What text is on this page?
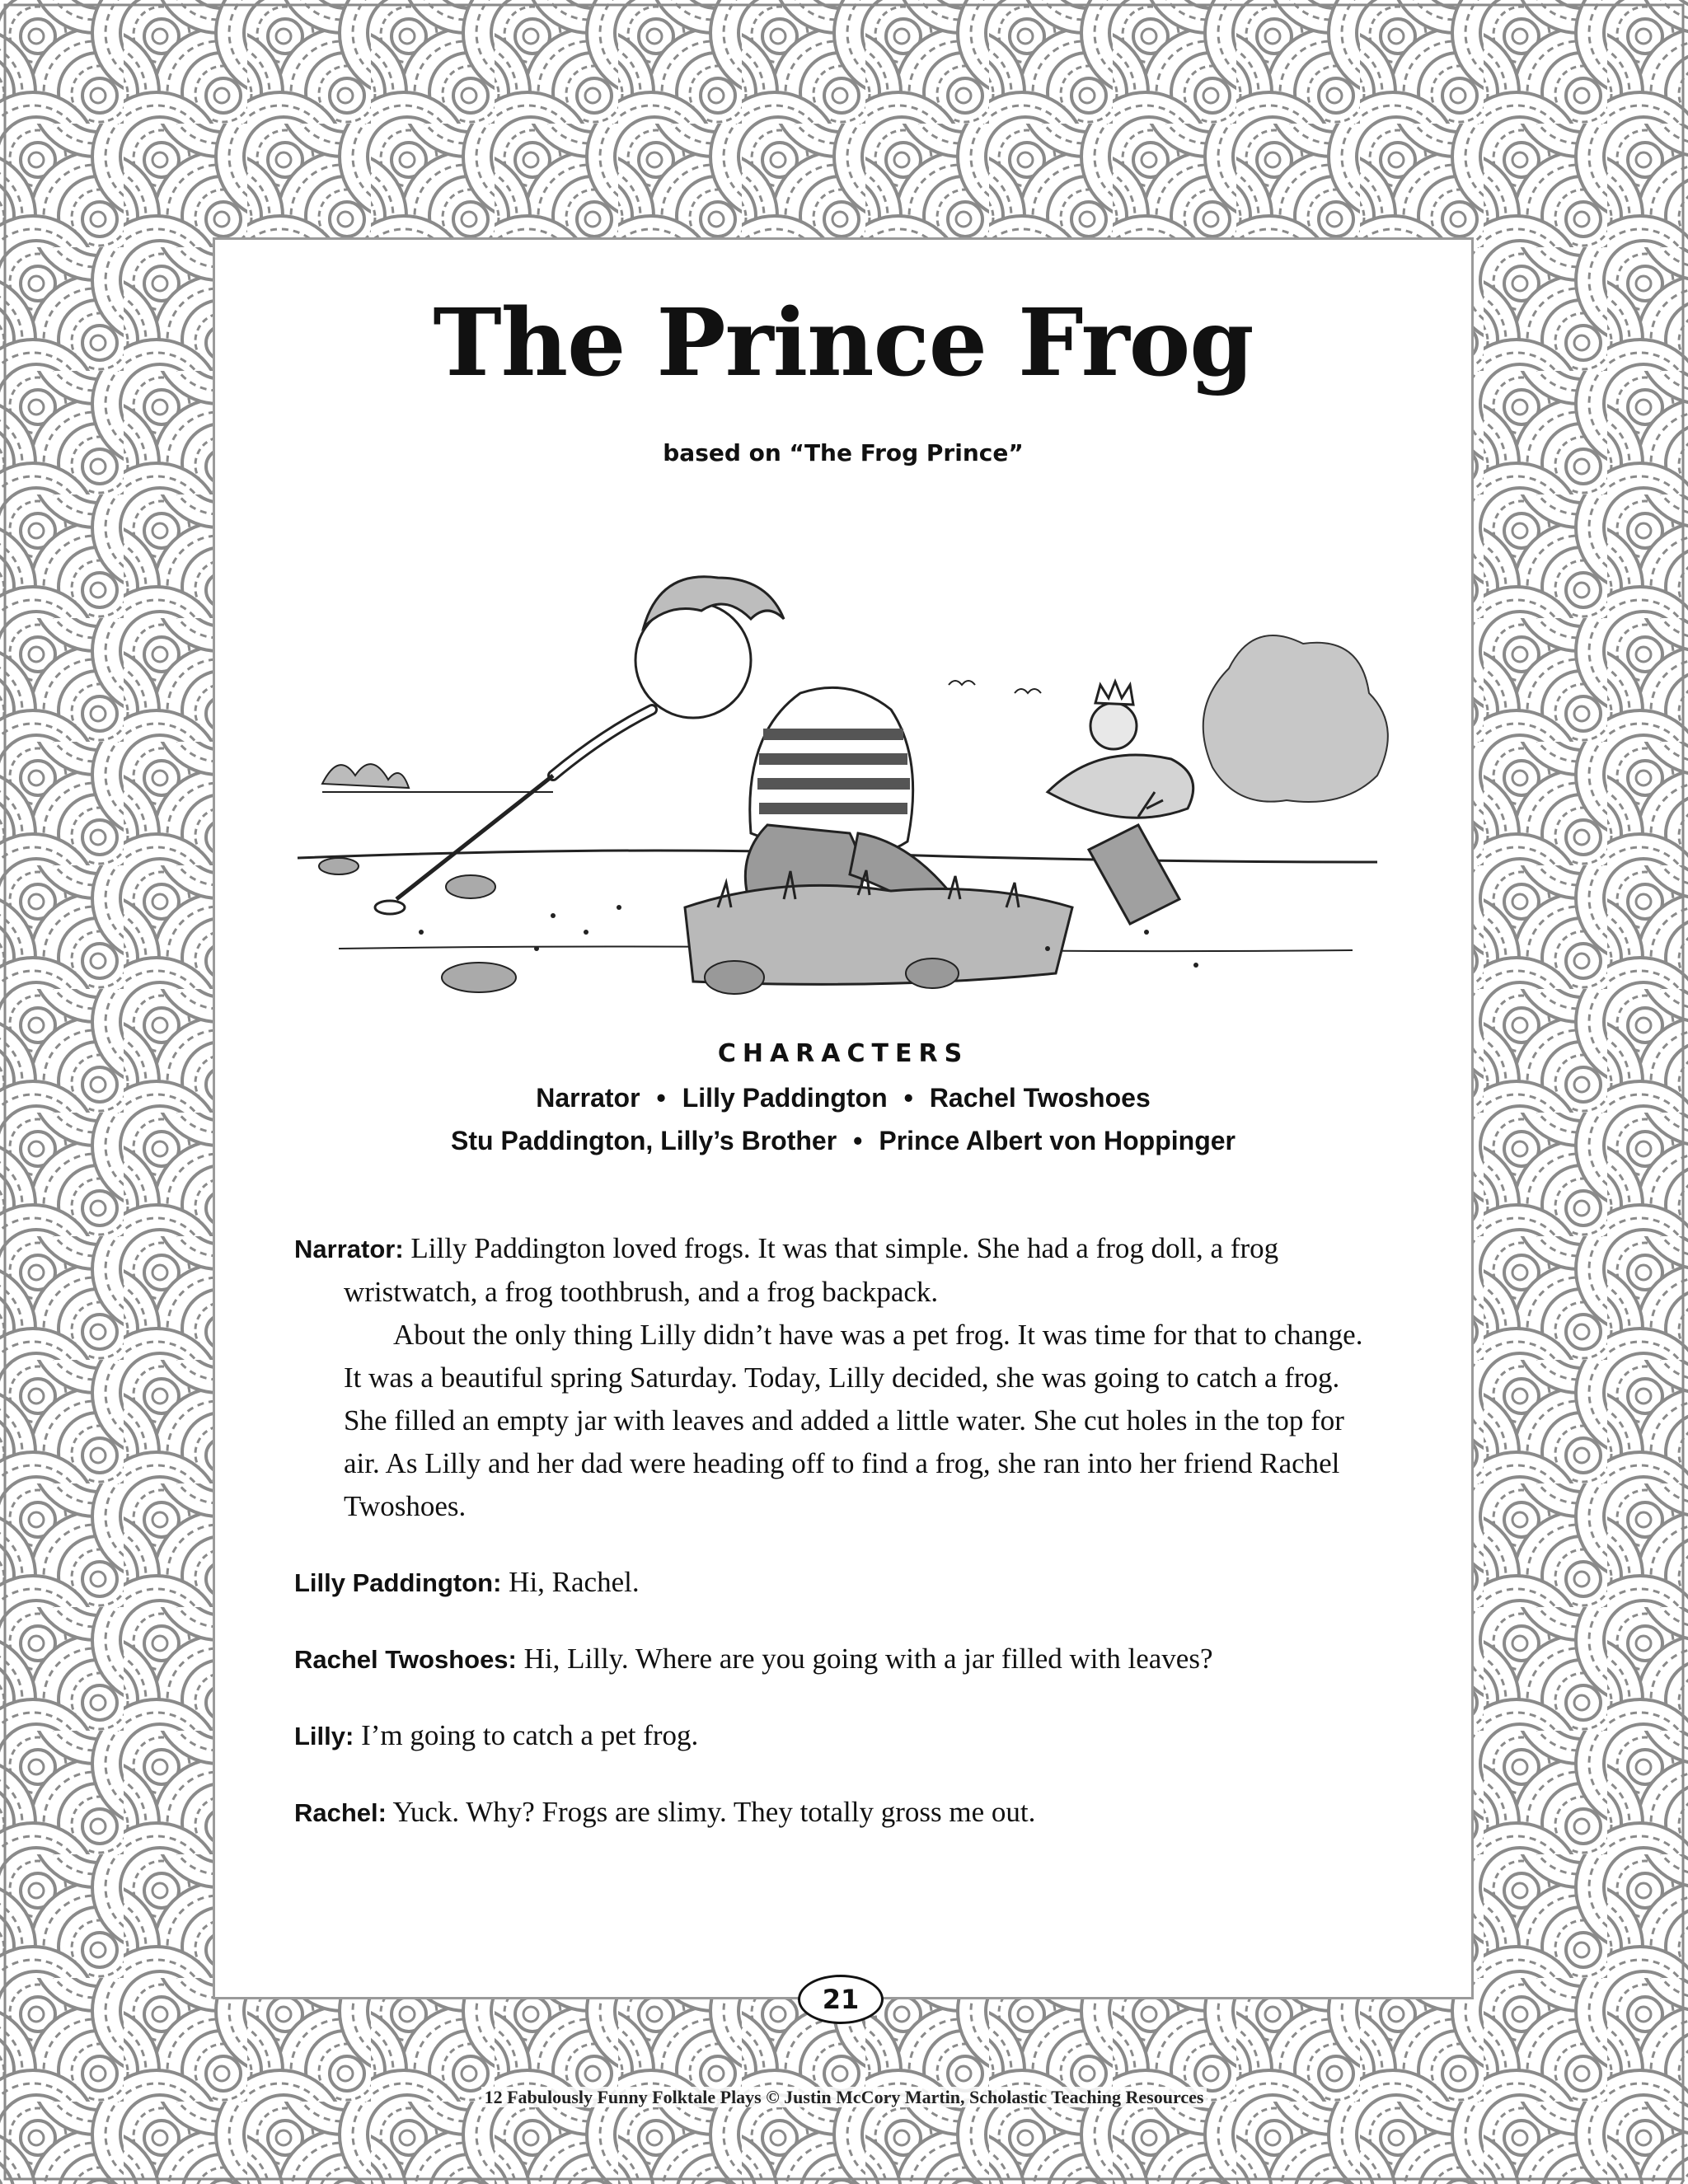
The Prince Frog
based on “The Frog Prince”
CHARACTERS
Narrator • Lilly Paddington • Rachel Twoshoes
Stu Paddington, Lilly’s Brother • Prince Albert von Hoppinger

Narrator: Lilly Paddington loved frogs. It was that simple. She had a frog doll, a frog wristwatch, a frog toothbrush, and a frog backpack.

About the only thing Lilly didn’t have was a pet frog. It was time for that to change. It was a beautiful spring Saturday. Today, Lilly decided, she was going to catch a frog. She filled an empty jar with leaves and added a little water. She cut holes in the top for air. As Lilly and her dad were heading off to find a frog, she ran into her friend Rachel Twoshoes.

Lilly Paddington: Hi, Rachel.

Rachel Twoshoes: Hi, Lilly. Where are you going with a jar filled with leaves?

Lilly: I’m going to catch a pet frog.

Rachel: Yuck. Why? Frogs are slimy. They totally gross me out.

21
12 Fabulously Funny Folktale Plays © Justin McCory Martin, Scholastic Teaching Resources
